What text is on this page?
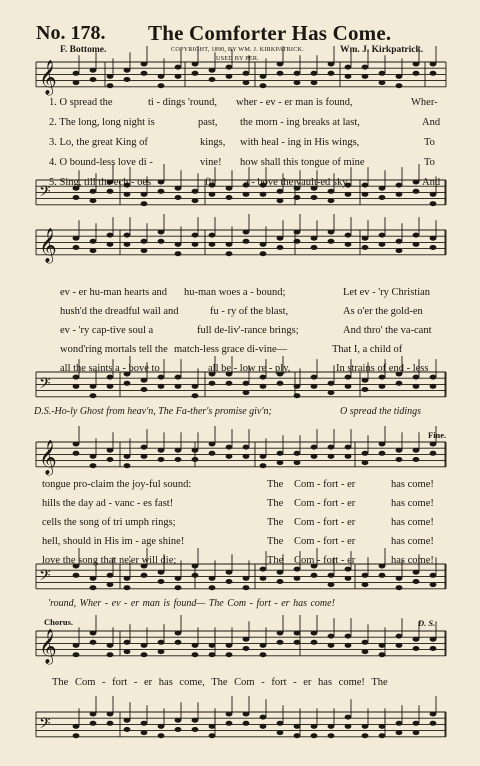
No. 178. The Comforter Has Come.
F. Bottome.	Wm. J. Kirkpatrick.
COPYRIGHT, 1890, BY WM. J. KIRKPATRICK.
USED BY PER.
𝄞
𝄢
𝄞
𝄢
𝄞
𝄢
𝄞
𝄢
1. O spread the	ti - dings 'round, wher - ev - er man is found,	Wher-
2. The long, long night is	past, the morn - ing breaks at last,	And
3. Lo, the great King of	kings, with heal - ing in His wings,	To
4. O bound-less love di -	vine! how shall this tongue of mine	To
5. Sing, till the ech - oes	fly	a - bove the vault-ed sky,	And
ev - er hu-man hearts and hu-man woes a - bound;	Let ev - 'ry Christian
hush'd the dreadful wail and	fu - ry of the blast,	As o'er the gold-en
ev - 'ry cap-tive soul a	full de-liv'-rance brings;	And thro' the va-cant
wond'ring mortals tell the match-less grace di-vine—	That I, a child of
all the saints a - bove to	all be - low re - ply,	In strains of end - less
D.S.-Ho-ly Ghost from heav'n, The Fa-ther's promise giv'n;	O spread the tidings
Fine.
tongue pro-claim the joy-ful sound:	The Com - fort - er	has come!
hills the day ad - vanc - es fast!	The Com - fort - er	has come!
cells the song of tri umph rings;	The Com - fort - er	has come!
hell, should in His im - age shine!	The Com - fort - er	has come!
love the song that ne'er will die;	The Com - fort - er	has come!
'round, Wher - ev - er man is found— The Com - fort - er has come!
Chorus.	D. S.
The Com - fort - er has come, The Com - fort - er has come! The
